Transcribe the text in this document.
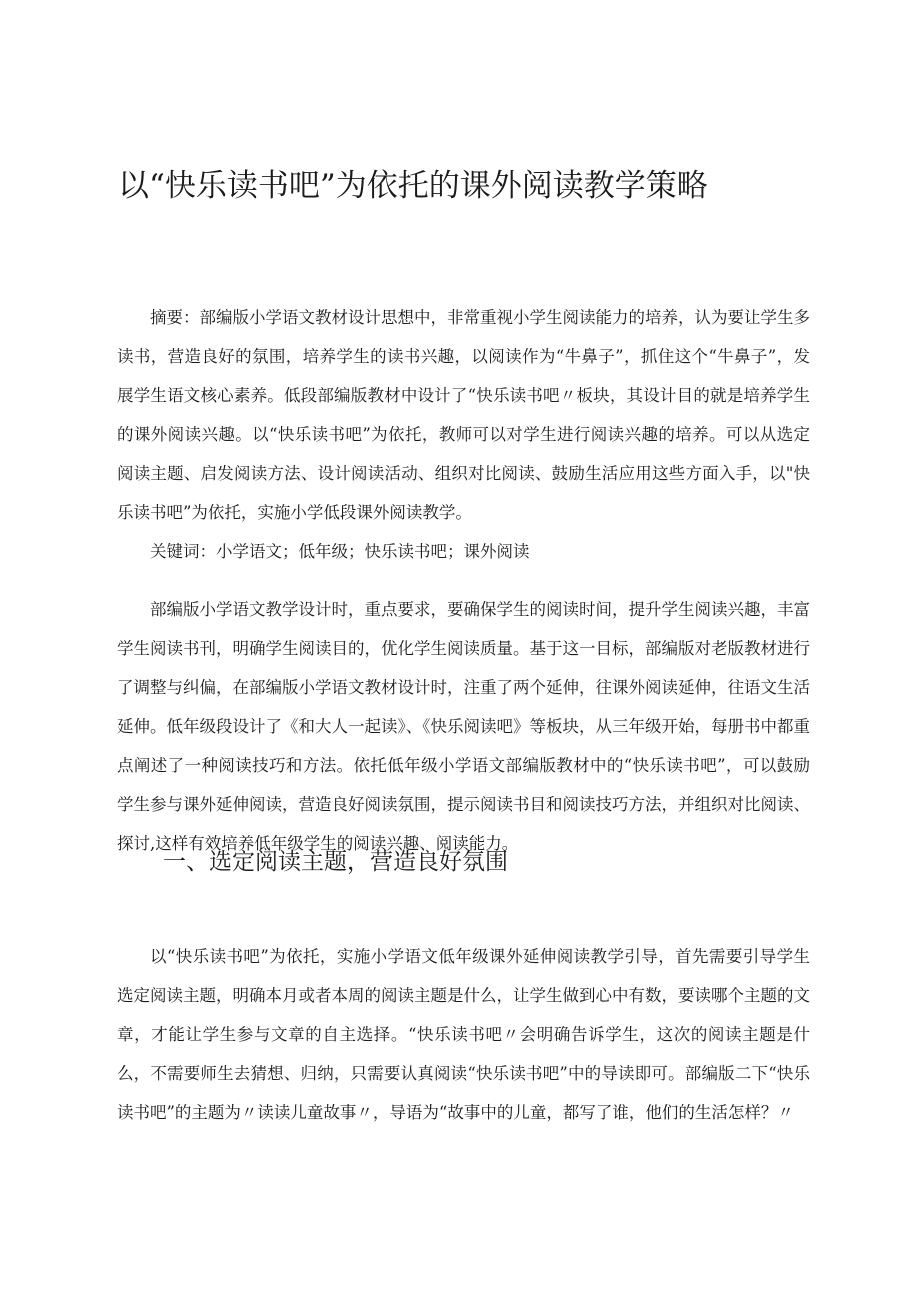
以“快乐读书吧”为依托的课外阅读教学策略

摘要：部编版小学语文教材设计思想中，非常重视小学生阅读能力的培养，认为要让学生多读书，营造良好的氛围，培养学生的读书兴趣，以阅读作为“牛鼻子”，抓住这个“牛鼻子”，发展学生语文核心素养。低段部编版教材中设计了“快乐读书吧〃板块，其设计目的就是培养学生的课外阅读兴趣。以“快乐读书吧”为依托，教师可以对学生进行阅读兴趣的培养。可以从选定阅读主题、启发阅读方法、设计阅读活动、组织对比阅读、鼓励生活应用这些方面入手，以"快乐读书吧”为依托，实施小学低段课外阅读教学。

关键词：小学语文；低年级；快乐读书吧；课外阅读

部编版小学语文教学设计时，重点要求，要确保学生的阅读时间，提升学生阅读兴趣，丰富学生阅读书刊，明确学生阅读目的，优化学生阅读质量。基于这一目标，部编版对老版教材进行了调整与纠偏，在部编版小学语文教材设计时，注重了两个延伸，往课外阅读延伸，往语文生活延伸。低年级段设计了《和大人一起读》、《快乐阅读吧》等板块，从三年级开始，每册书中都重点阐述了一种阅读技巧和方法。依托低年级小学语文部编版教材中的“快乐读书吧”，可以鼓励学生参与课外延伸阅读，营造良好阅读氛围，提示阅读书目和阅读技巧方法，并组织对比阅读、探讨,这样有效培养低年级学生的阅读兴趣、阅读能力。

一、选定阅读主题，营造良好氛围

以“快乐读书吧”为依托，实施小学语文低年级课外延伸阅读教学引导，首先需要引导学生选定阅读主题，明确本月或者本周的阅读主题是什么，让学生做到心中有数，要读哪个主题的文章，才能让学生参与文章的自主选择。“快乐读书吧〃会明确告诉学生，这次的阅读主题是什么，不需要师生去猜想、归纳，只需要认真阅读“快乐读书吧”中的导读即可。部编版二下“快乐读书吧”的主题为〃读读儿童故事〃，导语为“故事中的儿童，都写了谁，他们的生活怎样？〃
